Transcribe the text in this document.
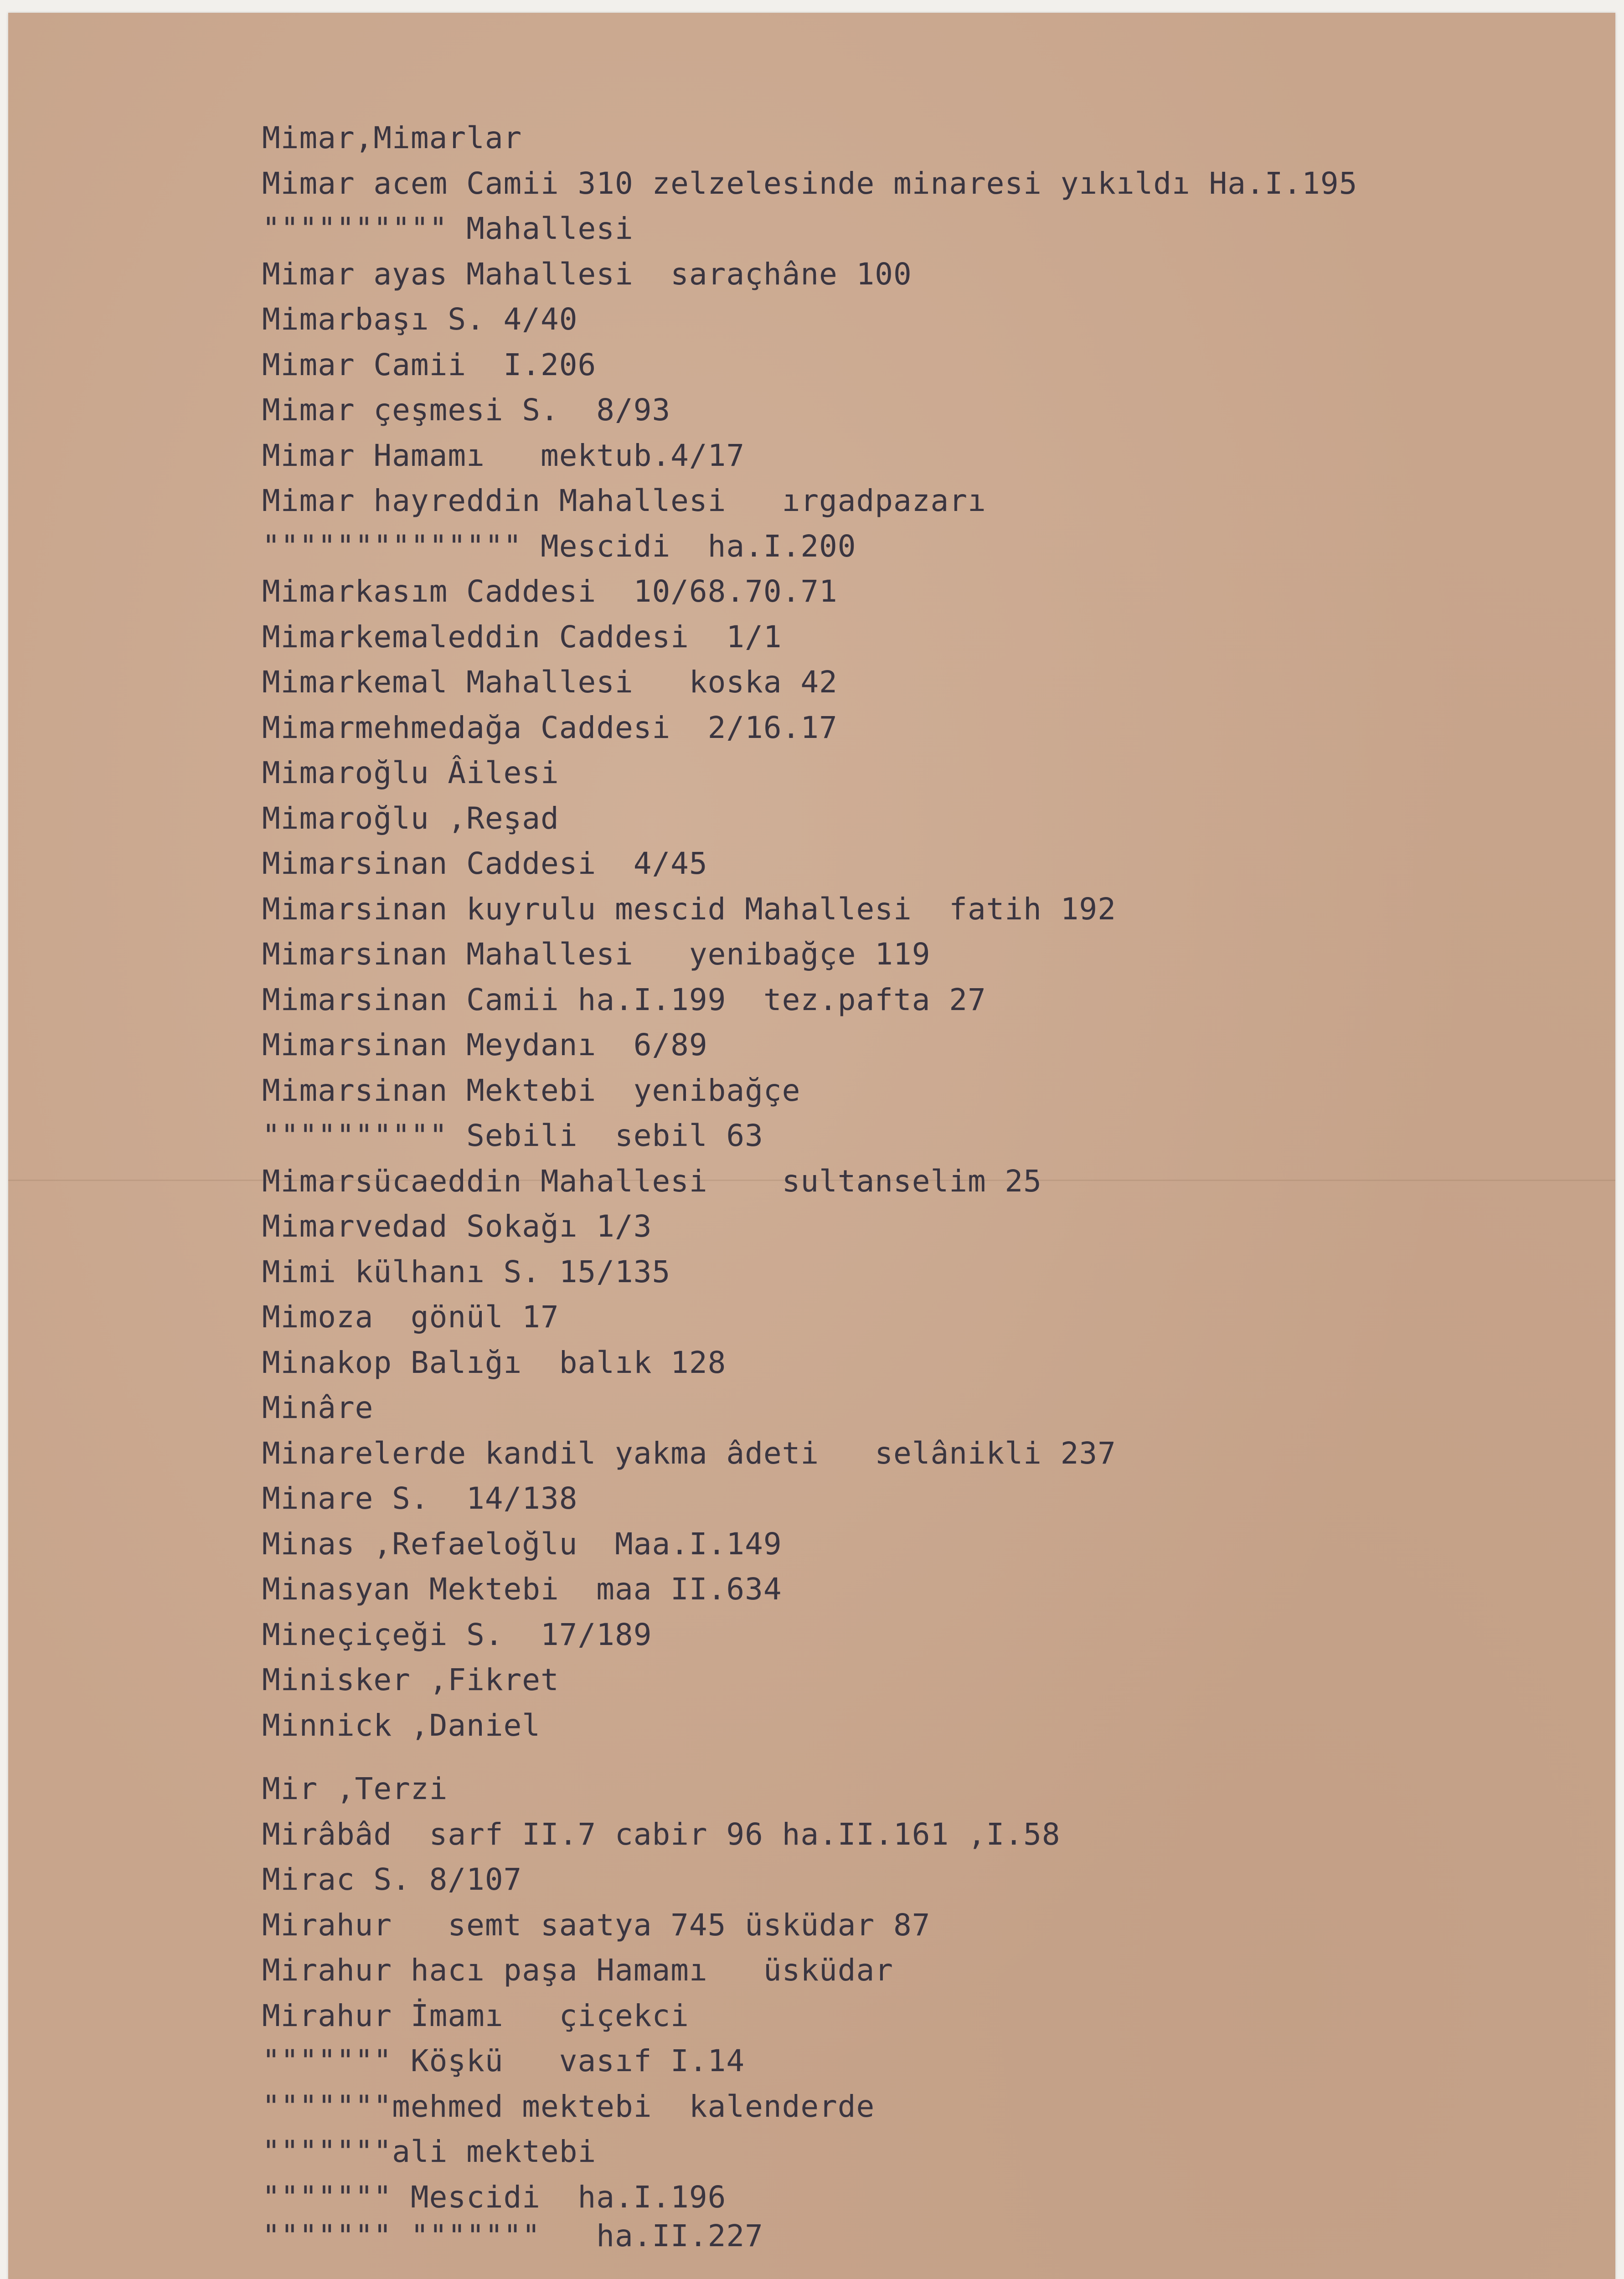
Mimar,Mimarlar
Mimar acem Camii 310 zelzelesinde minaresi yıkıldı Ha.I.195
"""""""""" Mahallesi
Mimar ayas Mahallesi  saraçhâne 100
Mimarbaşı S. 4/40
Mimar Camii  I.206
Mimar çeşmesi S.  8/93
Mimar Hamamı   mektub.4/17
Mimar hayreddin Mahallesi   ırgadpazarı
"""""""""""""" Mescidi  ha.I.200
Mimarkasım Caddesi  10/68.70.71
Mimarkemaleddin Caddesi  1/1
Mimarkemal Mahallesi   koska 42
Mimarmehmedağa Caddesi  2/16.17
Mimaroğlu Âilesi
Mimaroğlu ,Reşad
Mimarsinan Caddesi  4/45
Mimarsinan kuyrulu mescid Mahallesi  fatih 192
Mimarsinan Mahallesi   yenibağçe 119
Mimarsinan Camii ha.I.199  tez.pafta 27
Mimarsinan Meydanı  6/89
Mimarsinan Mektebi  yenibağçe
"""""""""" Sebili  sebil 63
Mimarsücaeddin Mahallesi    sultanselim 25
Mimarvedad Sokağı 1/3
Mimi külhanı S. 15/135
Mimoza  gönül 17
Minakop Balığı  balık 128
Minâre
Minarelerde kandil yakma âdeti   selânikli 237
Minare S.  14/138
Minas ,Refaeloğlu  Maa.I.149
Minasyan Mektebi  maa II.634
Mineçiçeği S.  17/189
Minisker ,Fikret
Minnick ,Daniel
Mir ,Terzi
Mirâbâd  sarf II.7 cabir 96 ha.II.161 ,I.58
Mirac S. 8/107
Mirahur   semt saatya 745 üsküdar 87
Mirahur hacı paşa Hamamı   üsküdar
Mirahur İmamı   çiçekci
""""""" Köşkü   vasıf I.14
"""""""mehmed mektebi  kalenderde
"""""""ali mektebi
""""""" Mescidi  ha.I.196
""""""" """""""   ha.II.227
